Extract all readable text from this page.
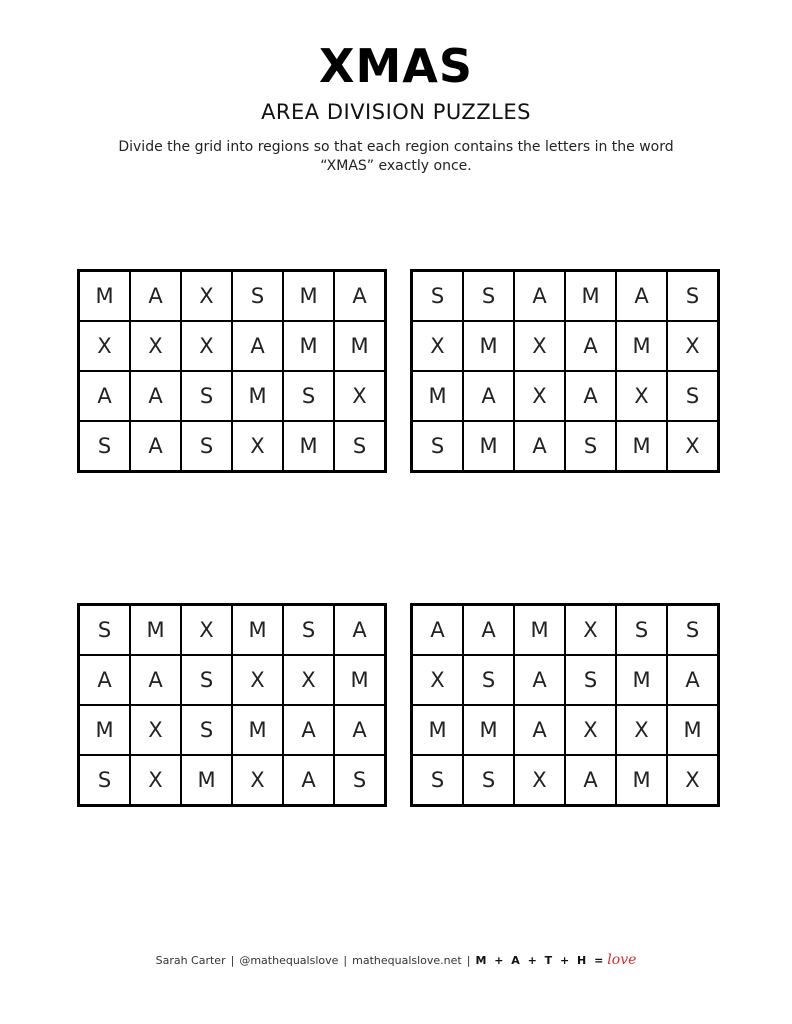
XMAS
AREA DIVISION PUZZLES
Divide the grid into regions so that each region contains the letters in the word “XMAS” exactly once.
M	A	X	S	M	A
X	X	X	A	M	M
A	A	S	M	S	X
S	A	S	X	M	S
S	S	A	M	A	S
X	M	X	A	M	X
M	A	X	A	X	S
S	M	A	S	M	X
S	M	X	M	S	A
A	A	S	X	X	M
M	X	S	M	A	A
S	X	M	X	A	S
A	A	M	X	S	S
X	S	A	S	M	A
M	M	A	X	X	M
S	S	X	A	M	X
Sarah Carter | @mathequalslove | mathequalslove.net | M + A + T + H = love
